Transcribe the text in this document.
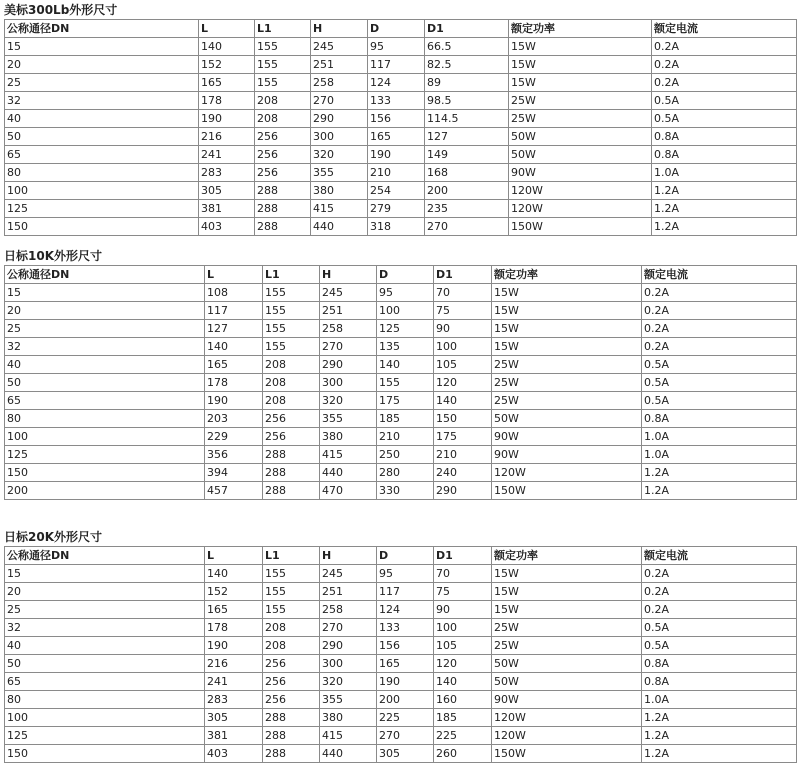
美标300Lb外形尺寸
公称通径DN	L	L1	H	D	D1	额定功率	额定电流
15	140	155	245	95	66.5	15W	0.2A
20	152	155	251	117	82.5	15W	0.2A
25	165	155	258	124	89	15W	0.2A
32	178	208	270	133	98.5	25W	0.5A
40	190	208	290	156	114.5	25W	0.5A
50	216	256	300	165	127	50W	0.8A
65	241	256	320	190	149	50W	0.8A
80	283	256	355	210	168	90W	1.0A
100	305	288	380	254	200	120W	1.2A
125	381	288	415	279	235	120W	1.2A
150	403	288	440	318	270	150W	1.2A
日标10K外形尺寸
公称通径DN	L	L1	H	D	D1	额定功率	额定电流
15	108	155	245	95	70	15W	0.2A
20	117	155	251	100	75	15W	0.2A
25	127	155	258	125	90	15W	0.2A
32	140	155	270	135	100	15W	0.2A
40	165	208	290	140	105	25W	0.5A
50	178	208	300	155	120	25W	0.5A
65	190	208	320	175	140	25W	0.5A
80	203	256	355	185	150	50W	0.8A
100	229	256	380	210	175	90W	1.0A
125	356	288	415	250	210	90W	1.0A
150	394	288	440	280	240	120W	1.2A
200	457	288	470	330	290	150W	1.2A
日标20K外形尺寸
公称通径DN	L	L1	H	D	D1	额定功率	额定电流
15	140	155	245	95	70	15W	0.2A
20	152	155	251	117	75	15W	0.2A
25	165	155	258	124	90	15W	0.2A
32	178	208	270	133	100	25W	0.5A
40	190	208	290	156	105	25W	0.5A
50	216	256	300	165	120	50W	0.8A
65	241	256	320	190	140	50W	0.8A
80	283	256	355	200	160	90W	1.0A
100	305	288	380	225	185	120W	1.2A
125	381	288	415	270	225	120W	1.2A
150	403	288	440	305	260	150W	1.2A
